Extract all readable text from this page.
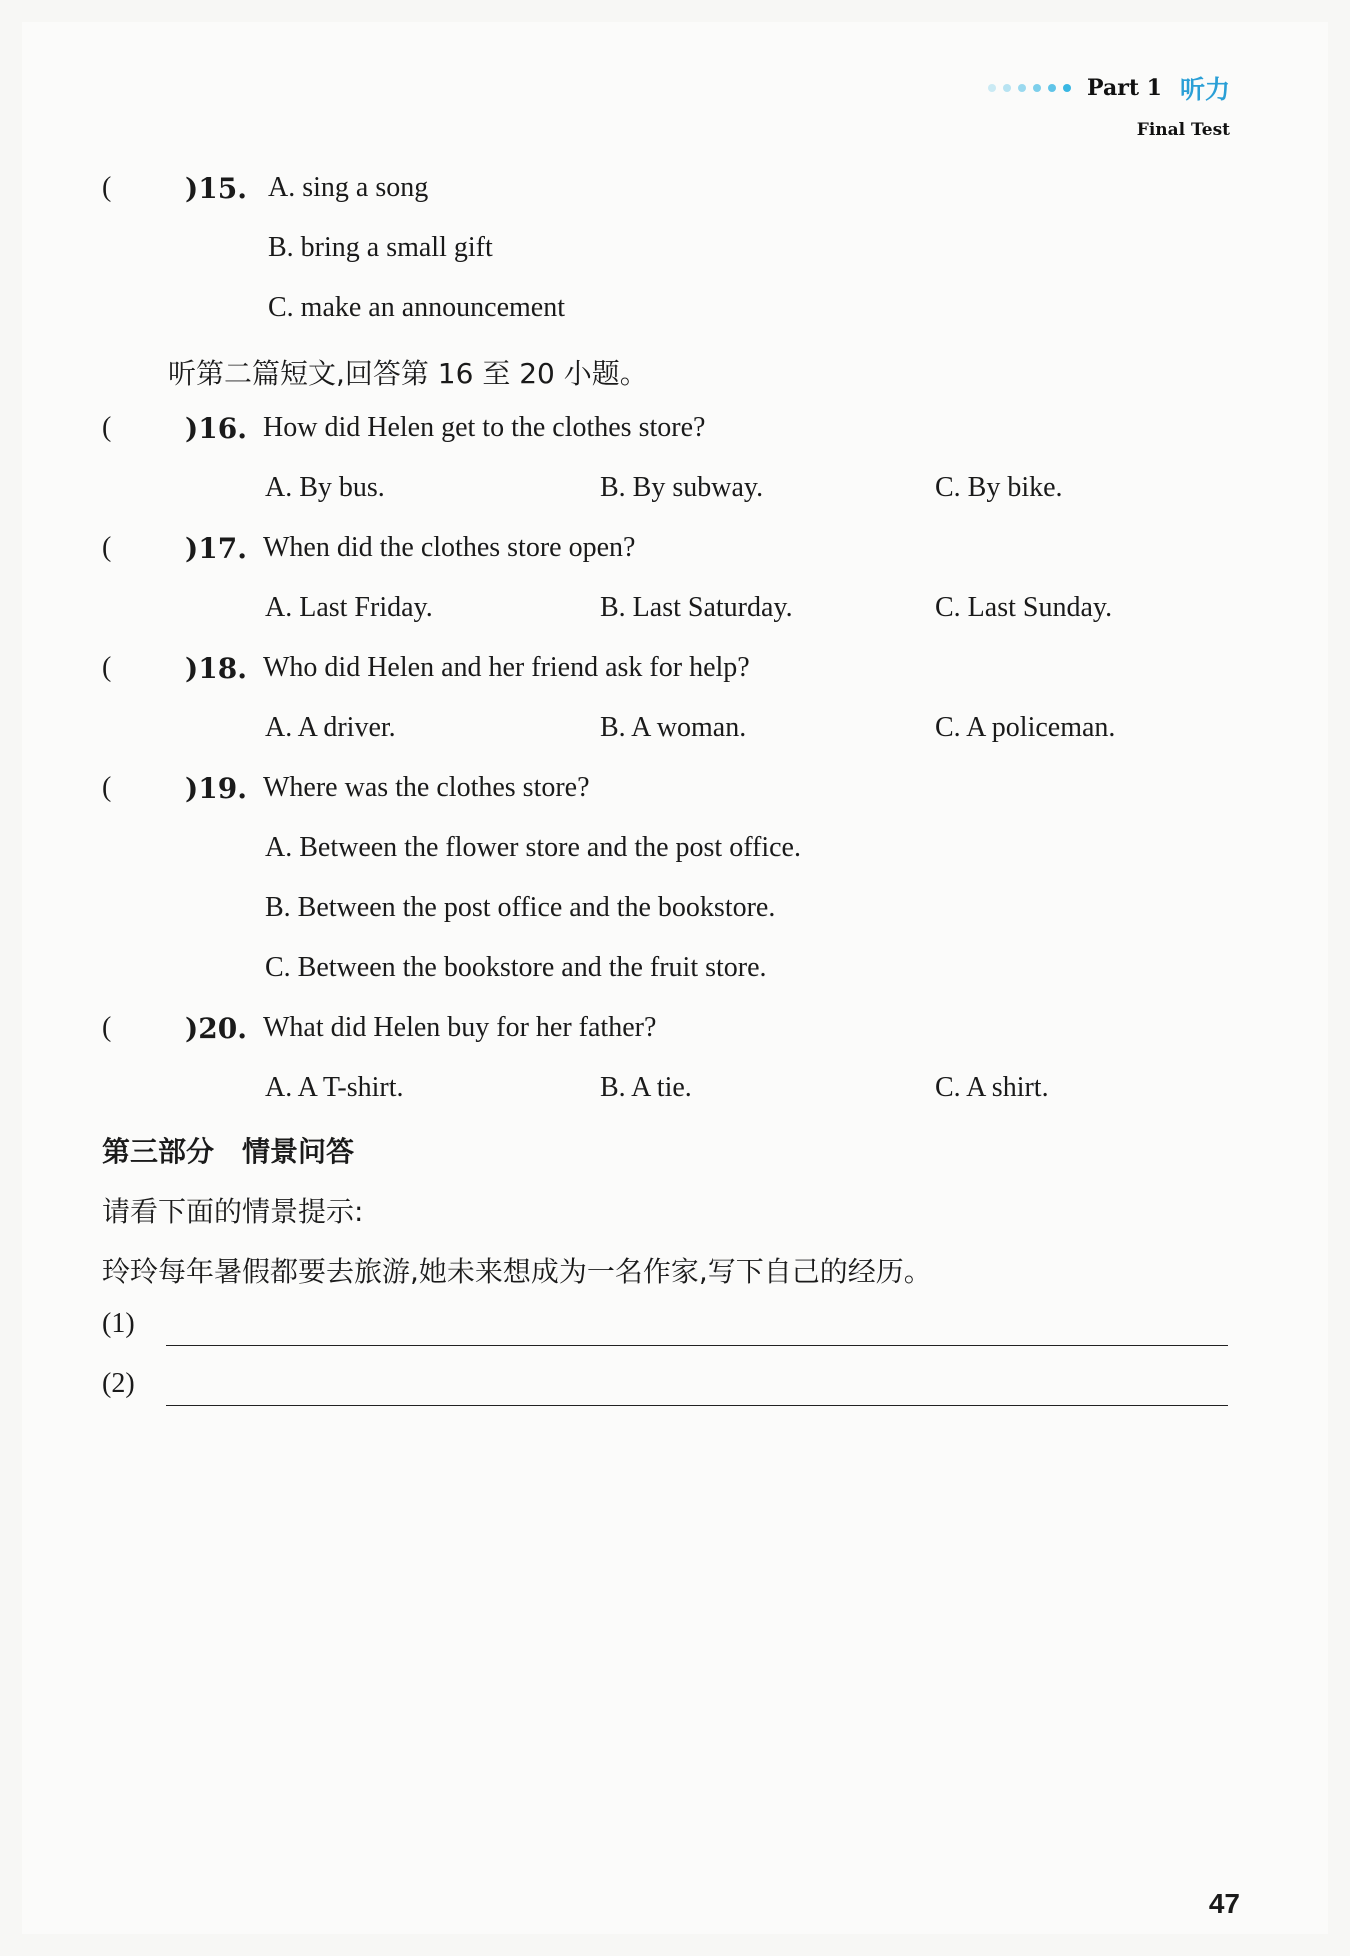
Part 1 听力
Final Test
(	)15. A. sing a song
B. bring a small gift
C. make an announcement
听第二篇短文,回答第 16 至 20 小题。
(	)16. How did Helen get to the clothes store?
A. By bus.	B. By subway.	C. By bike.
(	)17. When did the clothes store open?
A. Last Friday.	B. Last Saturday.	C. Last Sunday.
(	)18. Who did Helen and her friend ask for help?
A. A driver.	B. A woman.	C. A policeman.
(	)19. Where was the clothes store?
A. Between the flower store and the post office.
B. Between the post office and the bookstore.
C. Between the bookstore and the fruit store.
(	)20. What did Helen buy for her father?
A. A T-shirt.	B. A tie.	C. A shirt.
第三部分　情景问答
请看下面的情景提示:
玲玲每年暑假都要去旅游,她未来想成为一名作家,写下自己的经历。
(1)
(2)
47
